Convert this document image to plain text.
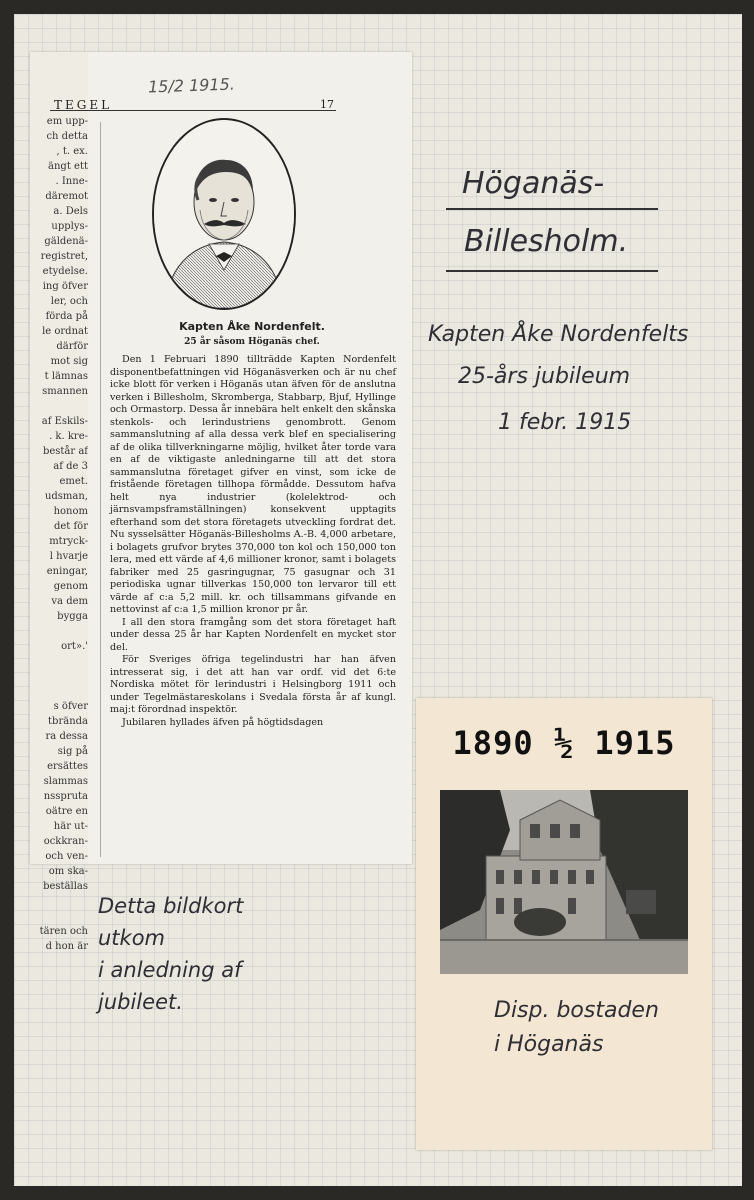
TEGEL	17
15/2 1915.
em upp-
ch detta
, t. ex.
ängt ett
. Inne-
däremot
a. Dels
upplys-
gäldenä-
registret,
etydelse.
ing öfver
ler, och
förda på
le ordnat
därför
mot sig
t lämnas
smannen
af Eskils-
. k. kre-
består af
af de 3
emet.
udsman,
honom
det för
mtryck-
l hvarje
eningar,
genom
va dem
bygga
ort».'
s öfver
tbrända
ra dessa
sig på
ersättes
slammas
nsspruta
oätre en
här ut-
ockkran-
och ven-
om ska-
beställas
tären och
d hon är
Kapten Åke Nordenfelt.
25 år såsom Höganäs chef.

Den 1 Februari 1890 tillträdde Kapten Nordenfelt disponentbefattningen vid Höganäsverken och är nu chef icke blott för verken i Höganäs utan äfven för de anslutna verken i Billesholm, Skromberga, Stabbarp, Bjuf, Hyllinge och Ormastorp. Dessa år innebära helt enkelt den skånska stenkols- och lerindustriens genombrott. Genom sammanslutning af alla dessa verk blef en specialisering af de olika tillverkningarne möjlig, hvilket åter torde vara en af de viktigaste anledningarne till att det stora sammanslutna företaget gifver en vinst, som icke de fristående företagen tillhopa förmådde. Dessutom hafva helt nya industrier (kolelektrod- och järnsvampsframställningen) konsekvent upptagits efterhand som det stora företagets utveckling fordrat det. Nu sysselsätter Höganäs-Billesholms A.-B. 4,000 arbetare, i bolagets grufvor brytes 370,000 ton kol och 150,000 ton lera, med ett värde af 4,6 millioner kronor, samt i bolagets fabriker med 25 gasringugnar, 75 gasugnar och 31 periodiska ugnar tillverkas 150,000 ton lervaror till ett värde af c:a 5,2 mill. kr. och tillsammans gifvande en nettovinst af c:a 1,5 million kronor pr år.

I all den stora framgång som det stora företaget haft under dessa 25 år har Kapten Nordenfelt en mycket stor del.

För Sveriges öfriga tegelindustri har han äfven intresserat sig, i det att han var ordf. vid det 6:te Nordiska mötet för lerindustri i Helsingborg 1911 och under Tegelmästareskolans i Svedala första år af kungl. maj:t förordnad inspektör.

Jubilaren hyllades äfven på högtidsdagen

Höganäs-
Billesholm.
Kapten Åke Nordenfelts
25-års jubileum
1 febr. 1915
Detta bildkort
utkom
i anledning af
jubileet.
1890 ½ 1915
Disp. bostaden
i Höganäs
